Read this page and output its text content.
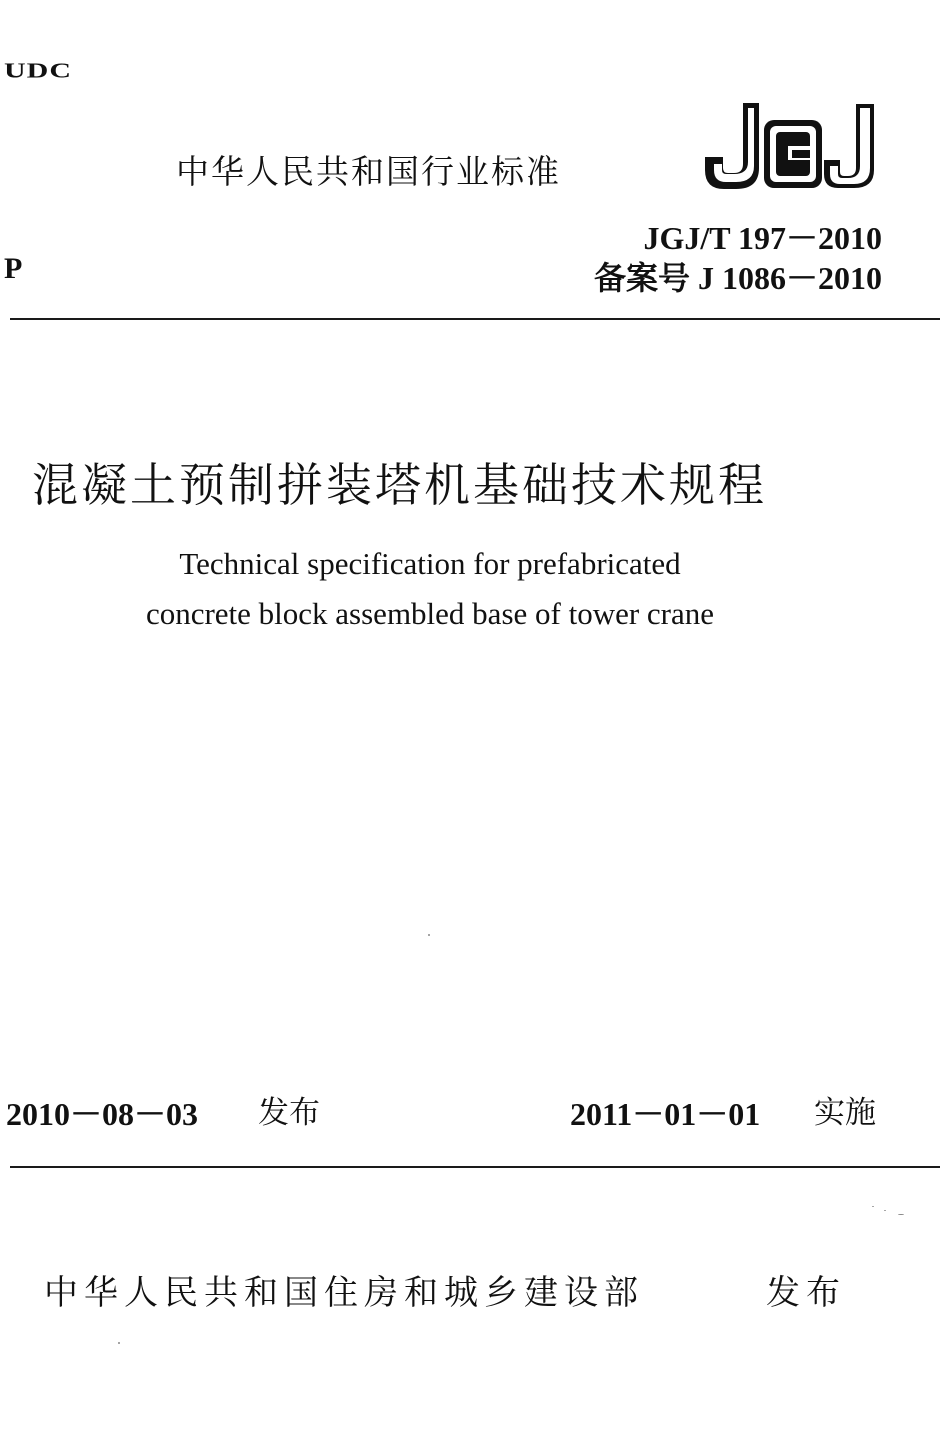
UDC
中华人民共和国行业标准
JGJ/T 197－2010
P	备案号 J 1086－2010
混凝土预制拼装塔机基础技术规程
Technical specification for prefabricated
concrete block assembled base of tower crane
2010－08－03 发布	2011－01－01 实施
中华人民共和国住房和城乡建设部	发布
